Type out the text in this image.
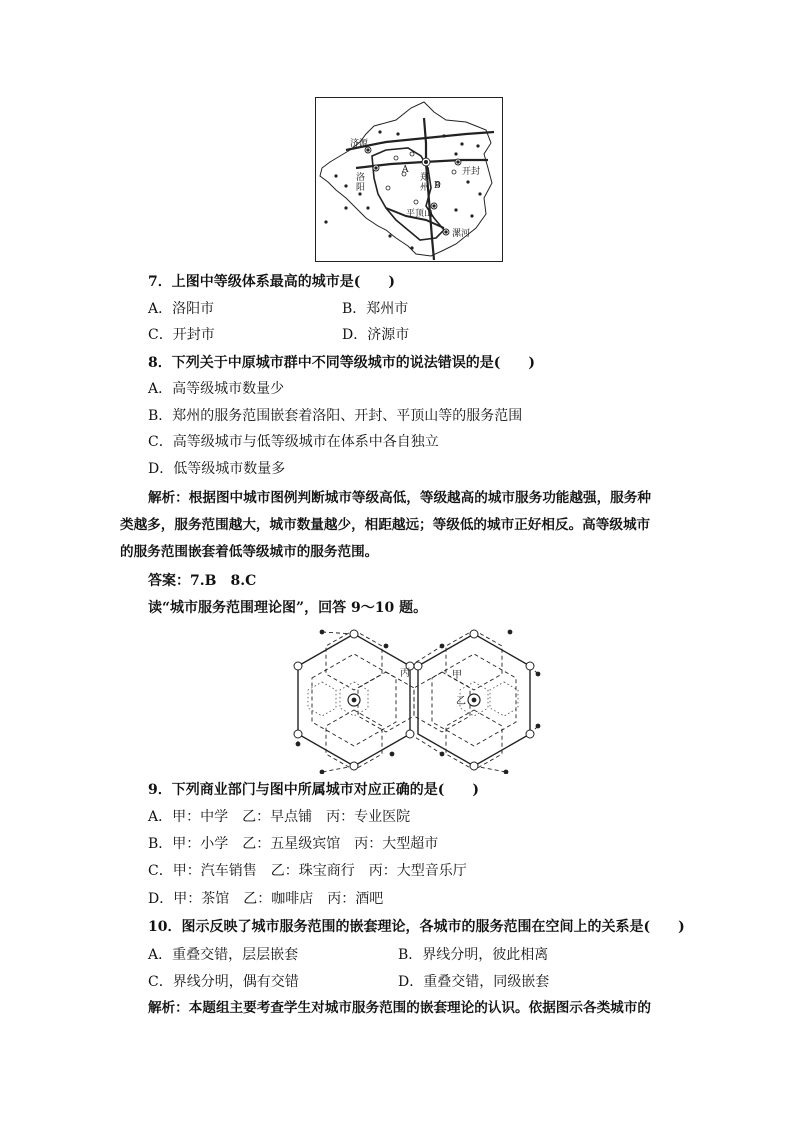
济源
洛
阳
A
郑
州 B
开封
平顶山
漯河
7．上图中等级体系最高的城市是(　　)
A．洛阳市	B．郑州市
C．开封市	D．济源市
8．下列关于中原城市群中不同等级城市的说法错误的是(　　)
A．高等级城市数量少
B．郑州的服务范围嵌套着洛阳、开封、平顶山等的服务范围
C．高等级城市与低等级城市在体系中各自独立
D．低等级城市数量多
解析：根据图中城市图例判断城市等级高低，等级越高的城市服务功能越强，服务种
类越多，服务范围越大，城市数量越少，相距越远；等级低的城市正好相反。高等级城市
的服务范围嵌套着低等级城市的服务范围。
答案：7.B　8.C
读“城市服务范围理论图”，回答 9～10 题。
丙	甲
乙
9．下列商业部门与图中所属城市对应正确的是(　　)
A．甲：中学　乙：早点铺　丙：专业医院
B．甲：小学　乙：五星级宾馆　丙：大型超市
C．甲：汽车销售　乙：珠宝商行　丙：大型音乐厅
D．甲：茶馆　乙：咖啡店　丙：酒吧
10．图示反映了城市服务范围的嵌套理论，各城市的服务范围在空间上的关系是(　　)
A．重叠交错，层层嵌套	B．界线分明，彼此相离
C．界线分明，偶有交错	D．重叠交错，同级嵌套
解析：本题组主要考查学生对城市服务范围的嵌套理论的认识。依据图示各类城市的
